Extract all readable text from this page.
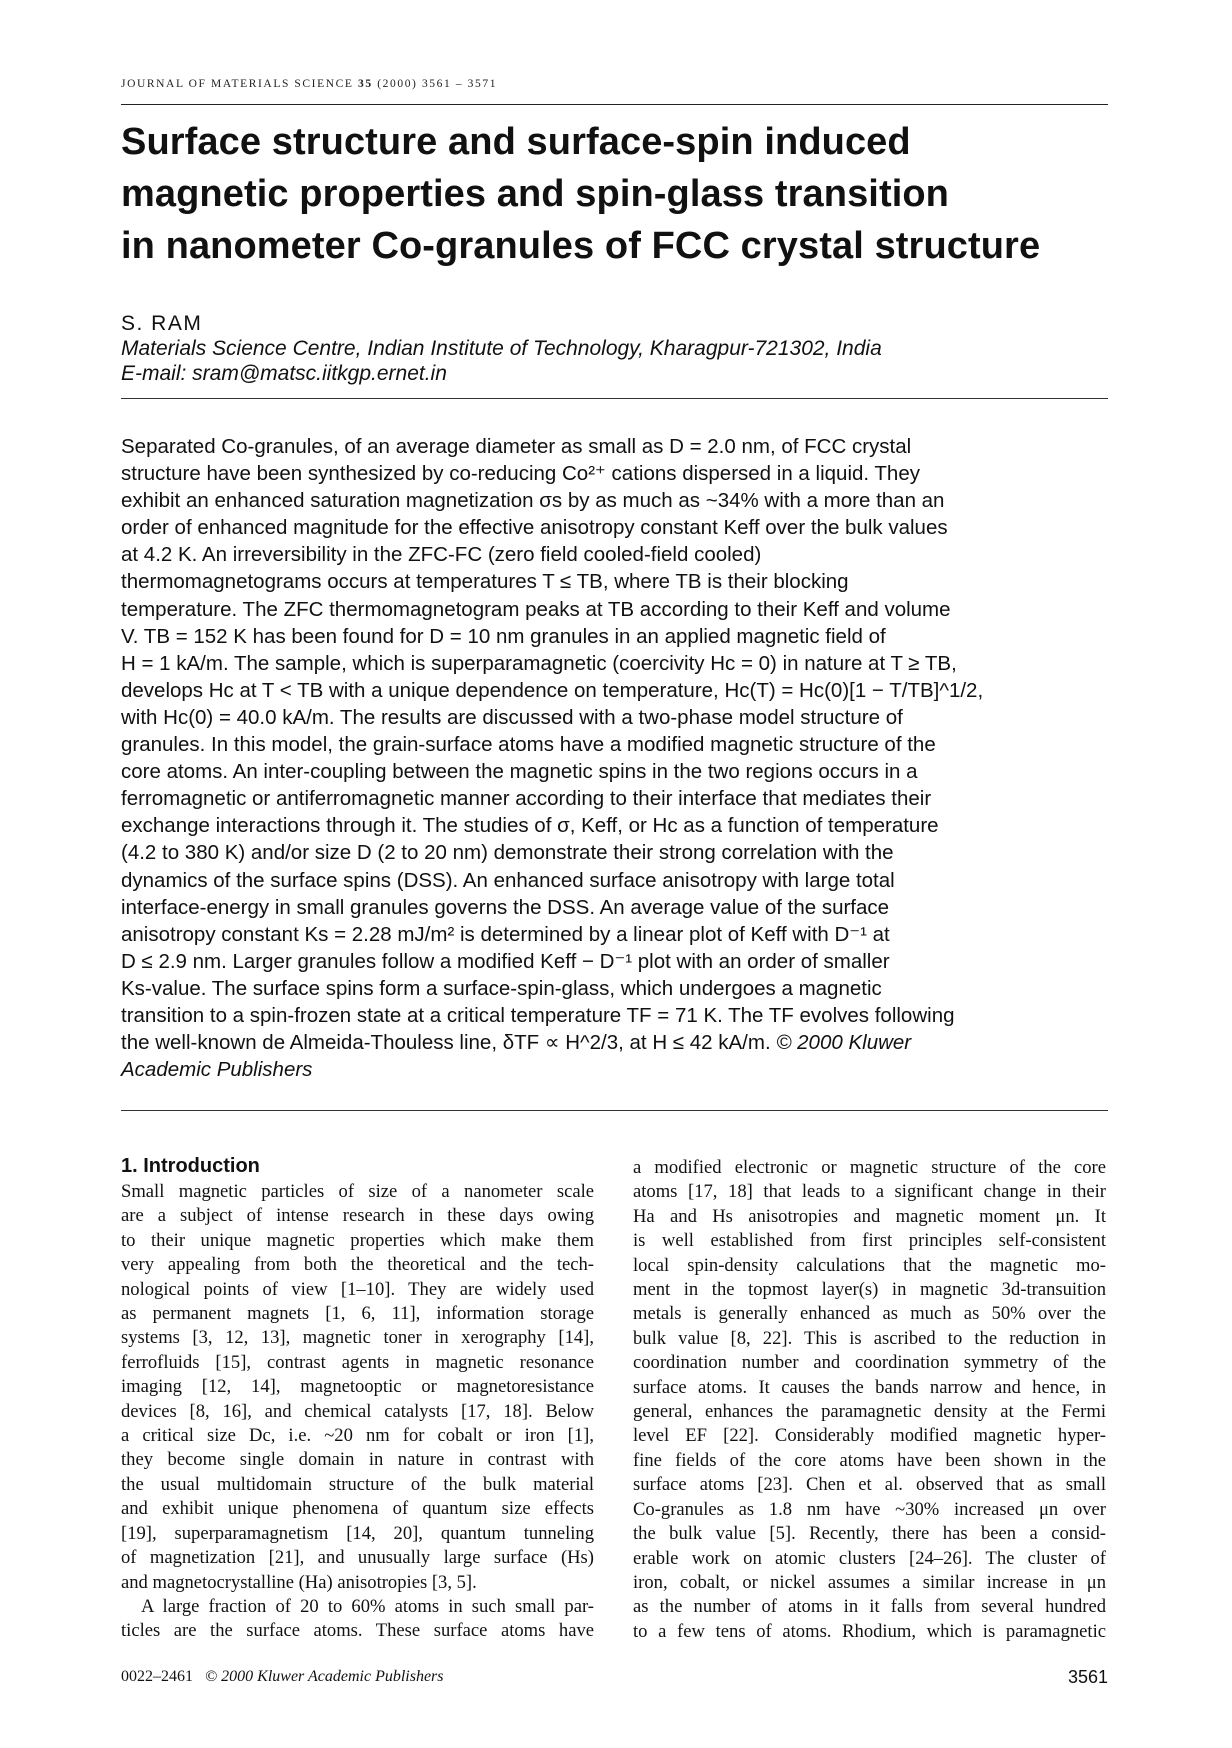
JOURNAL OF MATERIALS SCIENCE 35 (2000) 3561 – 3571
Surface structure and surface-spin induced
magnetic properties and spin-glass transition
in nanometer Co-granules of FCC crystal structure
S. RAM
Materials Science Centre, Indian Institute of Technology, Kharagpur-721302, India
E-mail: sram@matsc.iitkgp.ernet.in
Separated Co-granules, of an average diameter as small as D = 2.0 nm, of FCC crystal
structure have been synthesized by co-reducing Co²⁺ cations dispersed in a liquid. They
exhibit an enhanced saturation magnetization σs by as much as ~34% with a more than an
order of enhanced magnitude for the effective anisotropy constant Keff over the bulk values
at 4.2 K. An irreversibility in the ZFC-FC (zero field cooled-field cooled)
thermomagnetograms occurs at temperatures T ≤ TB, where TB is their blocking
temperature. The ZFC thermomagnetogram peaks at TB according to their Keff and volume
V. TB = 152 K has been found for D = 10 nm granules in an applied magnetic field of
H = 1 kA/m. The sample, which is superparamagnetic (coercivity Hc = 0) in nature at T ≥ TB,
develops Hc at T < TB with a unique dependence on temperature, Hc(T) = Hc(0)[1 − T/TB]^1/2,
with Hc(0) = 40.0 kA/m. The results are discussed with a two-phase model structure of
granules. In this model, the grain-surface atoms have a modified magnetic structure of the
core atoms. An inter-coupling between the magnetic spins in the two regions occurs in a
ferromagnetic or antiferromagnetic manner according to their interface that mediates their
exchange interactions through it. The studies of σ, Keff, or Hc as a function of temperature
(4.2 to 380 K) and/or size D (2 to 20 nm) demonstrate their strong correlation with the
dynamics of the surface spins (DSS). An enhanced surface anisotropy with large total
interface-energy in small granules governs the DSS. An average value of the surface
anisotropy constant Ks = 2.28 mJ/m² is determined by a linear plot of Keff with D⁻¹ at
D ≤ 2.9 nm. Larger granules follow a modified Keff − D⁻¹ plot with an order of smaller
Ks-value. The surface spins form a surface-spin-glass, which undergoes a magnetic
transition to a spin-frozen state at a critical temperature TF = 71 K. The TF evolves following
the well-known de Almeida-Thouless line, δTF ∝ H^2/3, at H ≤ 42 kA/m. © 2000 Kluwer
Academic Publishers
1. Introduction
Small magnetic particles of size of a nanometer scale
are a subject of intense research in these days owing
to their unique magnetic properties which make them
very appealing from both the theoretical and the tech-
nological points of view [1–10]. They are widely used
as permanent magnets [1, 6, 11], information storage
systems [3, 12, 13], magnetic toner in xerography [14],
ferrofluids [15], contrast agents in magnetic resonance
imaging [12, 14], magnetooptic or magnetoresistance
devices [8, 16], and chemical catalysts [17, 18]. Below
a critical size Dc, i.e. ~20 nm for cobalt or iron [1],
they become single domain in nature in contrast with
the usual multidomain structure of the bulk material
and exhibit unique phenomena of quantum size effects
[19], superparamagnetism [14, 20], quantum tunneling
of magnetization [21], and unusually large surface (Hs)
and magnetocrystalline (Ha) anisotropies [3, 5].
A large fraction of 20 to 60% atoms in such small par-
ticles are the surface atoms. These surface atoms have
a modified electronic or magnetic structure of the core
atoms [17, 18] that leads to a significant change in their
Ha and Hs anisotropies and magnetic moment μn. It
is well established from first principles self-consistent
local spin-density calculations that the magnetic mo-
ment in the topmost layer(s) in magnetic 3d-transuition
metals is generally enhanced as much as 50% over the
bulk value [8, 22]. This is ascribed to the reduction in
coordination number and coordination symmetry of the
surface atoms. It causes the bands narrow and hence, in
general, enhances the paramagnetic density at the Fermi
level EF [22]. Considerably modified magnetic hyper-
fine fields of the core atoms have been shown in the
surface atoms [23]. Chen et al. observed that as small
Co-granules as 1.8 nm have ~30% increased μn over
the bulk value [5]. Recently, there has been a consid-
erable work on atomic clusters [24–26]. The cluster of
iron, cobalt, or nickel assumes a similar increase in μn
as the number of atoms in it falls from several hundred
to a few tens of atoms. Rhodium, which is paramagnetic
0022–2461 © 2000 Kluwer Academic Publishers	3561
